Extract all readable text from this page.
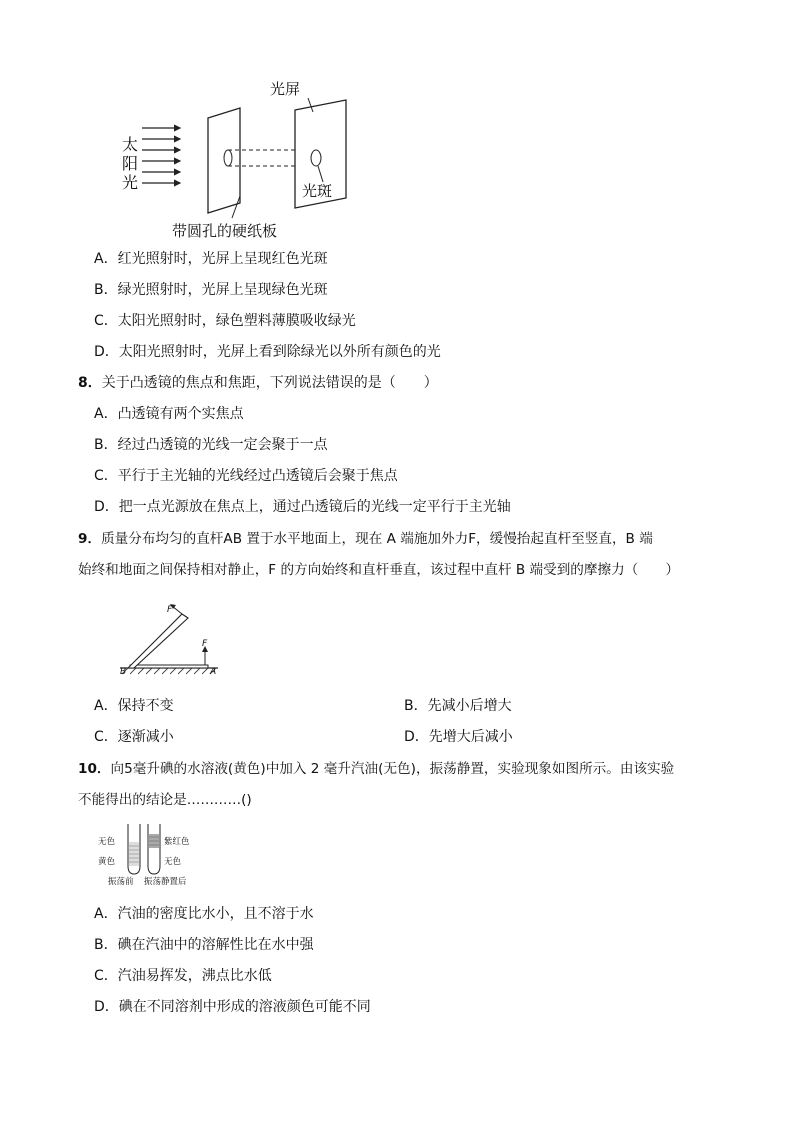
太
阳
光
光屏
光斑
带圆孔的硬纸板
A．红光照射时，光屏上呈现红色光斑
B．绿光照射时，光屏上呈现绿色光斑
C．太阳光照射时，绿色塑料薄膜吸收绿光
D．太阳光照射时，光屏上看到除绿光以外所有颜色的光
8．关于凸透镜的焦点和焦距，下列说法错误的是（　　）
A．凸透镜有两个实焦点
B．经过凸透镜的光线一定会聚于一点
C．平行于主光轴的光线经过凸透镜后会聚于焦点
D．把一点光源放在焦点上，通过凸透镜后的光线一定平行于主光轴
9．质量分布均匀的直杆AB 置于水平地面上，现在 A 端施加外力F，缓慢抬起直杆至竖直，B 端
始终和地面之间保持相对静止，F 的方向始终和直杆垂直，该过程中直杆 B 端受到的摩擦力（　　）
F
F
B	A
A．保持不变	B．先减小后增大
C．逐渐减小	D．先增大后减小
10．向5毫升碘的水溶液(黄色)中加入 2 毫升汽油(无色)，振荡静置，实验现象如图所示。由该实验
不能得出的结论是…………()
无色
黄色
紫红色
无色
振荡前 振荡静置后
A．汽油的密度比水小，且不溶于水
B．碘在汽油中的溶解性比在水中强
C．汽油易挥发，沸点比水低
D．碘在不同溶剂中形成的溶液颜色可能不同
